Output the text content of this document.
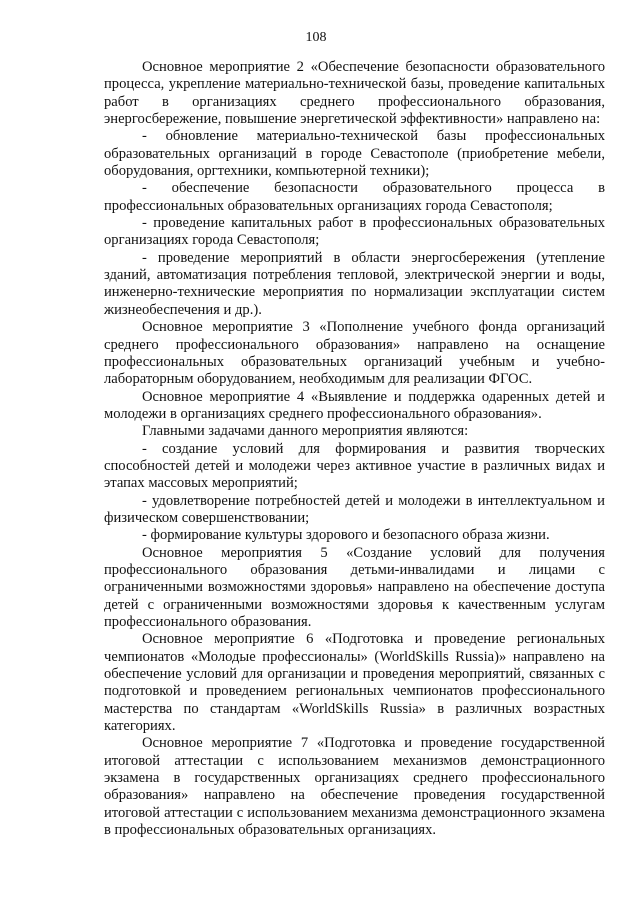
108

Основное мероприятие 2 «Обеспечение безопасности образовательного процесса, укрепление материально-технической базы, проведение капитальных работ в организациях среднего профессионального образования, энергосбережение, повышение энергетической эффективности» направлено на:

- обновление материально-технической базы профессиональных образовательных организаций в городе Севастополе (приобретение мебели, оборудования, оргтехники, компьютерной техники);

- обеспечение безопасности образовательного процесса в профессиональных образовательных организациях города Севастополя;

- проведение капитальных работ в профессиональных образовательных организациях города Севастополя;

- проведение мероприятий в области энергосбережения (утепление зданий, автоматизация потребления тепловой, электрической энергии и воды, инженерно-технические мероприятия по нормализации эксплуатации систем жизнеобеспечения и др.).

Основное мероприятие 3 «Пополнение учебного фонда организаций среднего профессионального образования» направлено на оснащение профессиональных образовательных организаций учебным и учебно-лабораторным оборудованием, необходимым для реализации ФГОС.

Основное мероприятие 4 «Выявление и поддержка одаренных детей и молодежи в организациях среднего профессионального образования».

Главными задачами данного мероприятия являются:

- создание условий для формирования и развития творческих способностей детей и молодежи через активное участие в различных видах и этапах массовых мероприятий;

- удовлетворение потребностей детей и молодежи в интеллектуальном и физическом совершенствовании;

- формирование культуры здорового и безопасного образа жизни.

Основное мероприятия 5 «Создание условий для получения профессионального образования детьми-инвалидами и лицами с ограниченными возможностями здоровья» направлено на обеспечение доступа детей с ограниченными возможностями здоровья к качественным услугам профессионального образования.

Основное мероприятие 6 «Подготовка и проведение региональных чемпионатов «Молодые профессионалы» (WorldSkills Russia)» направлено на обеспечение условий для организации и проведения мероприятий, связанных с подготовкой и проведением региональных чемпионатов профессионального мастерства по стандартам «WorldSkills Russia» в различных возрастных категориях.

Основное мероприятие 7 «Подготовка и проведение государственной итоговой аттестации с использованием механизмов демонстрационного экзамена в государственных организациях среднего профессионального образования» направлено на обеспечение проведения государственной итоговой аттестации с использованием механизма демонстрационного экзамена в профессиональных образовательных организациях.
